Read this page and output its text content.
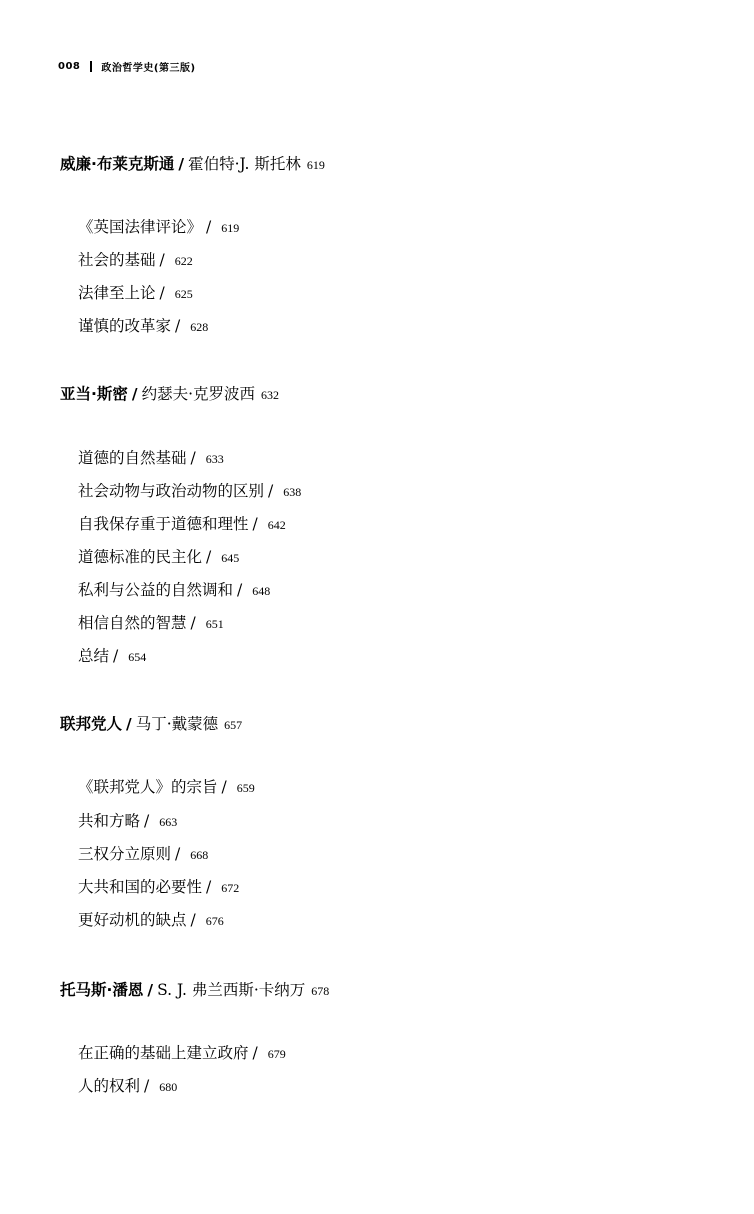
008 政治哲学史(第三版)
威廉·布莱克斯通 / 霍伯特·J. 斯托林 619
《英国法律评论》 / 619
社会的基础 / 622
法律至上论 / 625
谨慎的改革家 / 628
亚当·斯密 / 约瑟夫·克罗波西 632
道德的自然基础 / 633
社会动物与政治动物的区别 / 638
自我保存重于道德和理性 / 642
道德标准的民主化 / 645
私利与公益的自然调和 / 648
相信自然的智慧 / 651
总结 / 654
联邦党人 / 马丁·戴蒙德 657
《联邦党人》的宗旨 / 659
共和方略 / 663
三权分立原则 / 668
大共和国的必要性 / 672
更好动机的缺点 / 676
托马斯·潘恩 / S. J. 弗兰西斯·卡纳万 678
在正确的基础上建立政府 / 679
人的权利 / 680
